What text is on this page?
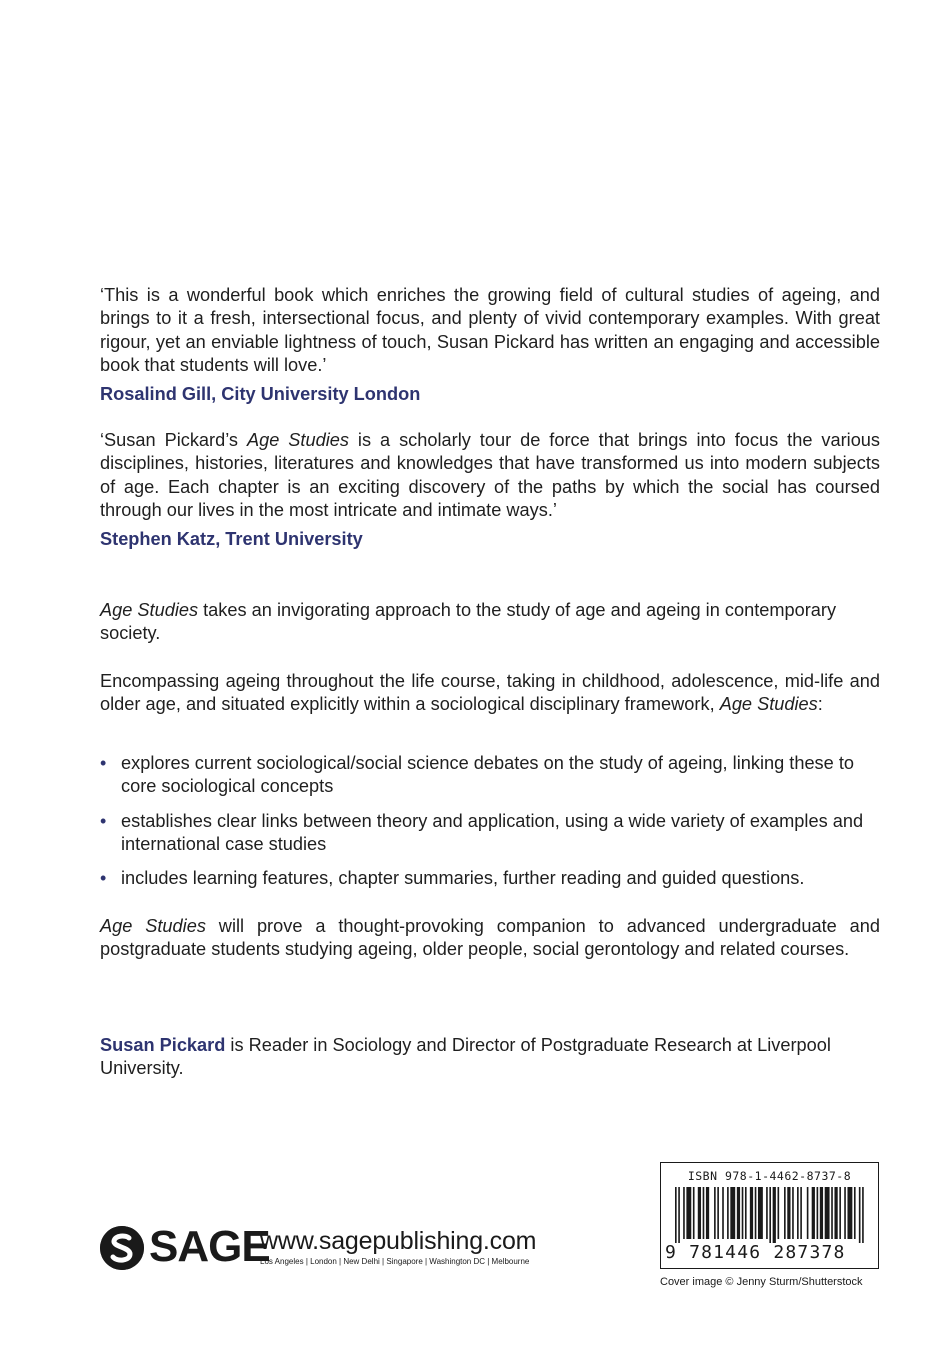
‘This is a wonderful book which enriches the growing field of cultural studies of ageing, and brings to it a fresh, intersectional focus, and plenty of vivid contemporary examples. With great rigour, yet an enviable lightness of touch, Susan Pickard has written an engaging and accessible book that students will love.’

Rosalind Gill, City University London

‘Susan Pickard’s Age Studies is a scholarly tour de force that brings into focus the various disciplines, histories, literatures and knowledges that have transformed us into modern subjects of age. Each chapter is an exciting discovery of the paths by which the social has coursed through our lives in the most intricate and intimate ways.’

Stephen Katz, Trent University

Age Studies takes an invigorating approach to the study of age and ageing in contemporary society.

Encompassing ageing throughout the life course, taking in childhood, adolescence, mid-life and older age, and situated explicitly within a sociological disciplinary framework, Age Studies:

• explores current sociological/social science debates on the study of ageing, linking these to core sociological concepts
• establishes clear links between theory and application, using a wide variety of examples and international case studies
• includes learning features, chapter summaries, further reading and guided questions.

Age Studies will prove a thought-provoking companion to advanced undergraduate and postgraduate students studying ageing, older people, social gerontology and related courses.

Susan Pickard is Reader in Sociology and Director of Postgraduate Research at Liverpool University.

SAGE
www.sagepublishing.com
Los Angeles | London | New Delhi | Singapore | Washington DC | Melbourne
ISBN 978-1-4462-8737-8
9 781446 287378
Cover image © Jenny Sturm/Shutterstock
